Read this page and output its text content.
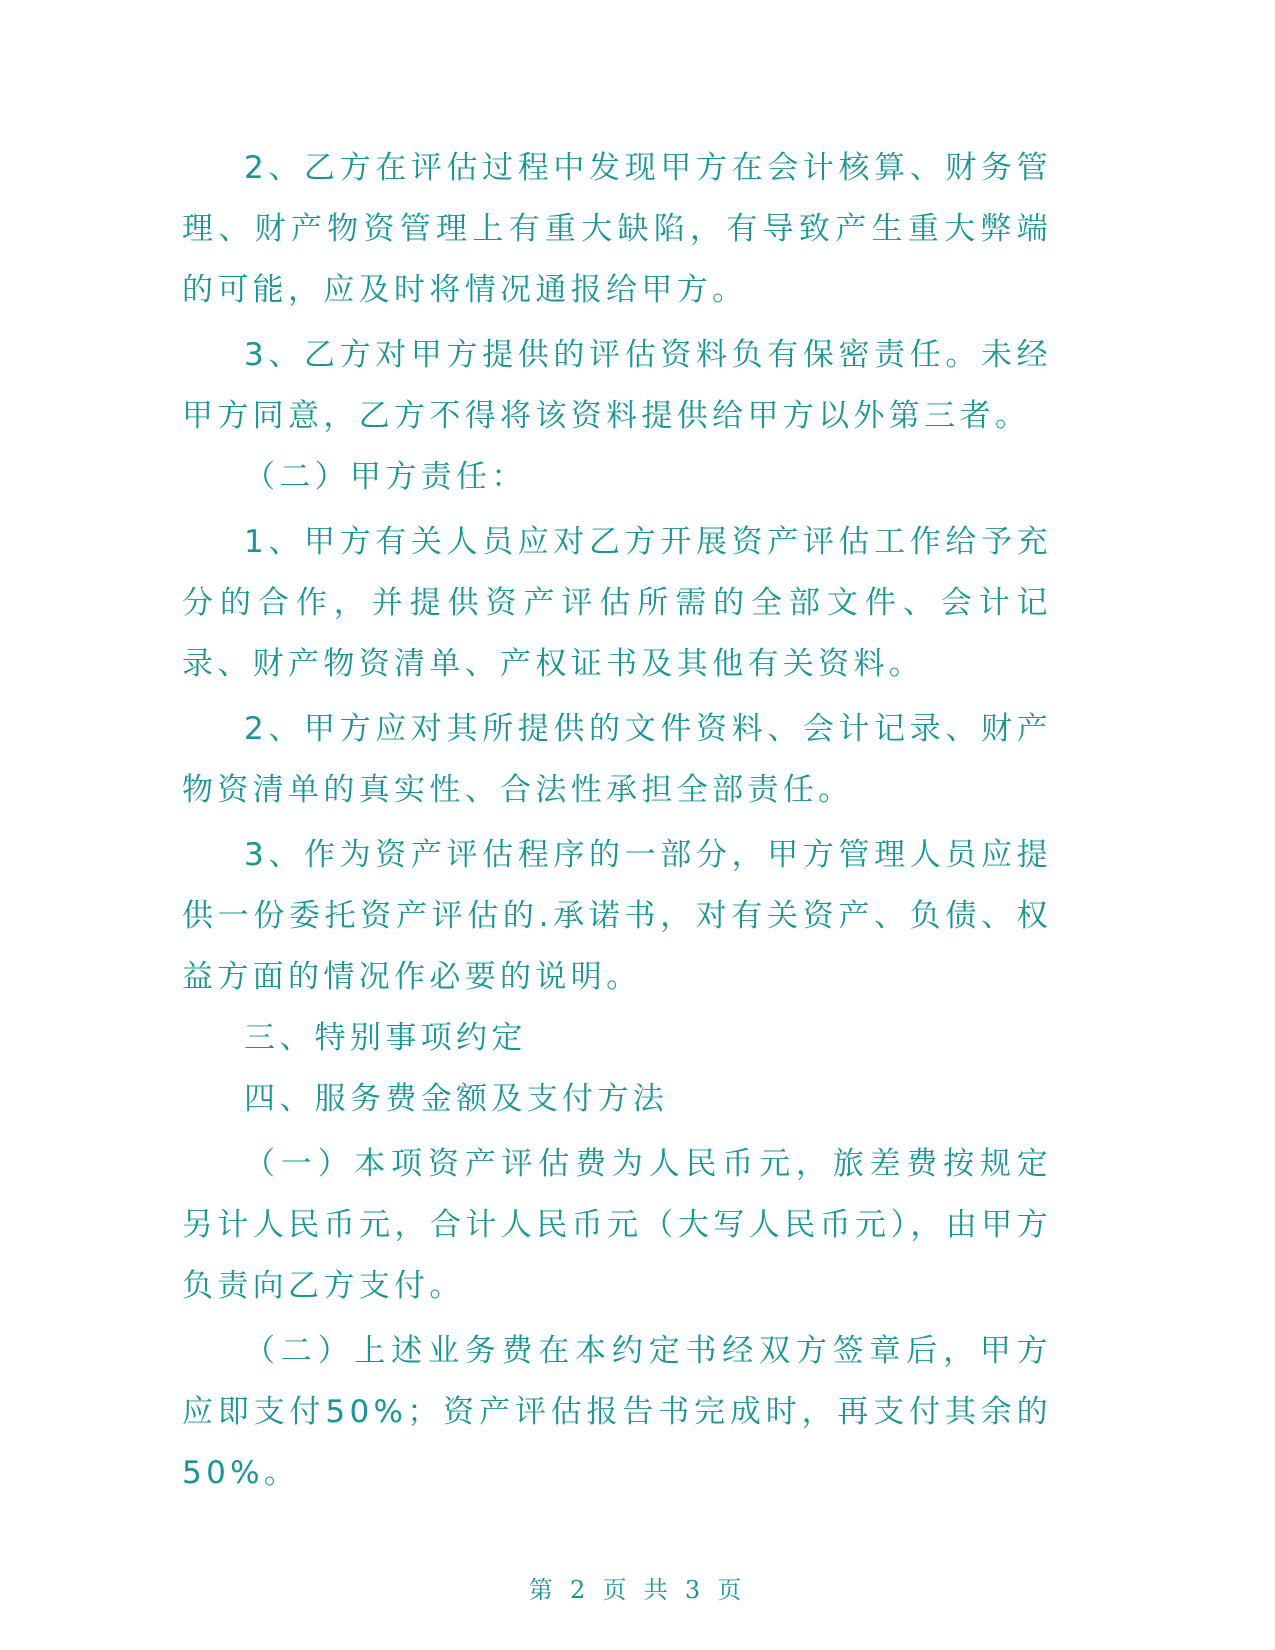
2、乙方在评估过程中发现甲方在会计核算、财务管理、财产物资管理上有重大缺陷，有导致产生重大弊端的可能，应及时将情况通报给甲方。

3、乙方对甲方提供的评估资料负有保密责任。未经甲方同意，乙方不得将该资料提供给甲方以外第三者。

（二）甲方责任：

1、甲方有关人员应对乙方开展资产评估工作给予充分的合作，并提供资产评估所需的全部文件、会计记录、财产物资清单、产权证书及其他有关资料。

2、甲方应对其所提供的文件资料、会计记录、财产物资清单的真实性、合法性承担全部责任。

3、作为资产评估程序的一部分，甲方管理人员应提供一份委托资产评估的.承诺书，对有关资产、负债、权益方面的情况作必要的说明。

三、特别事项约定

四、服务费金额及支付方法

（一）本项资产评估费为人民币元，旅差费按规定另计人民币元，合计人民币元（大写人民币元），由甲方负责向乙方支付。

（二）上述业务费在本约定书经双方签章后，甲方应即支付50%；资产评估报告书完成时，再支付其余的50%。

第 2 页 共 3 页
